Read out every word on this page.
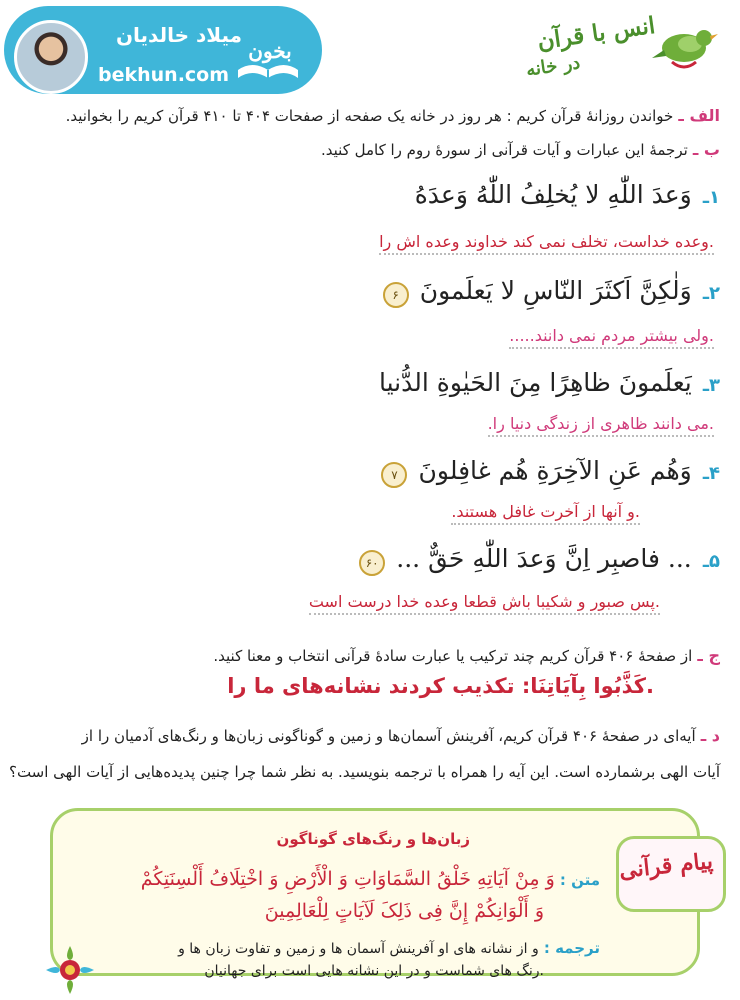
میلاد خالدیان
bekhun.com
بخون	انس با قرآن
در خانه
الف ـ خواندن روزانهٔ قرآن کریم : هر روز در خانه یک صفحه از صفحات ۴۰۴ تا ۴۱۰ قرآن کریم را بخوانید.
ب ـ ترجمهٔ این عبارات و آیات قرآنی از سورهٔ روم را کامل کنید.
۱ـ وَعدَ اللّٰهِ لا یُخلِفُ اللّٰهُ وَعدَهُ
.وعده خداست، تخلف نمی کند خداوند وعده اش را
۲ـ وَلٰکِنَّ اَکثَرَ النّاسِ لا یَعلَمونَ ۶
.ولی بیشتر مردم نمی دانند.....
۳ـ یَعلَمونَ ظاهِرًا مِنَ الحَیٰوةِ الدُّنیا
.می دانند ظاهری از زندگی دنیا را.
۴ـ وَهُم عَنِ الآخِرَةِ هُم غافِلونَ ۷
.و آنها از آخرت غافل هستند.
۵ـ ... فاصبِر اِنَّ وَعدَ اللّٰهِ حَقٌّ ... ۶۰
.پس صبور و شکیبا باش قطعا وعده خدا درست است
ج ـ از صفحهٔ ۴۰۶ قرآن کریم چند ترکیب یا عبارت سادهٔ قرآنی انتخاب و معنا کنید.
.کَذَّبُوا بِآیَاتِنَا: تکذیب کردند نشانه‌های ما را
د ـ آیه‌ای در صفحهٔ ۴۰۶ قرآن کریم، آفرینش آسمان‌ها و زمین و گوناگونی زبان‌ها و رنگ‌های آدمیان را از
آیات الهی برشمارده است. این آیه را همراه با ترجمه بنویسید. به نظر شما چرا چنین پدیده‌هایی از آیات الهی است؟
پیام قرآنی
زبان‌ها و رنگ‌های گوناگون
متن : وَ مِنْ آیَاتِهِ خَلْقُ السَّمَاوَاتِ وَ الْأَرْضِ وَ اخْتِلَافُ أَلْسِنَتِکُمْ
وَ أَلْوَانِکُمْ إِنَّ فِی ذَلِکَ لَآیَاتٍ لِلْعَالِمِینَ
ترجمه : و از نشانه های او آفرینش آسمان ها و زمین و تفاوت زبان ها و
.رنگ های شماست و در این نشانه هایی است برای جهانیان
